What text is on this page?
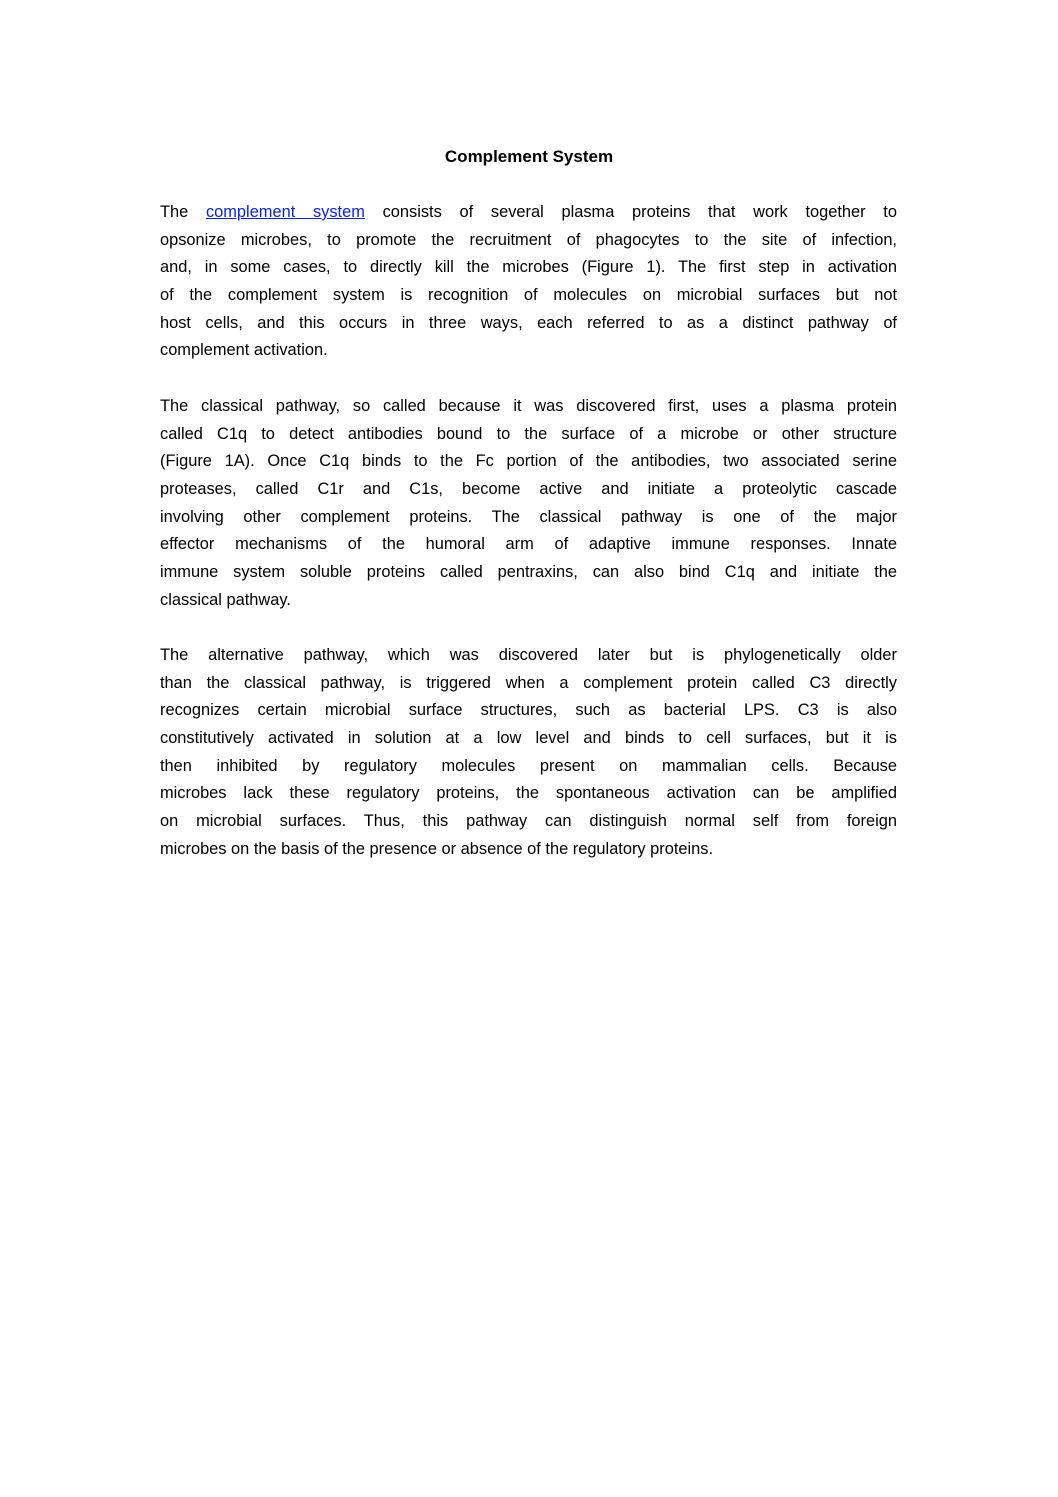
Complement System
The complement system consists of several plasma proteins that work together to
opsonize microbes, to promote the recruitment of phagocytes to the site of infection,
and, in some cases, to directly kill the microbes (Figure 1). The first step in activation
of the complement system is recognition of molecules on microbial surfaces but not
host cells, and this occurs in three ways, each referred to as a distinct pathway of
complement activation.
The classical pathway, so called because it was discovered first, uses a plasma protein
called C1q to detect antibodies bound to the surface of a microbe or other structure
(Figure 1A). Once C1q binds to the Fc portion of the antibodies, two associated serine
proteases, called C1r and C1s, become active and initiate a proteolytic cascade
involving other complement proteins. The classical pathway is one of the major
effector mechanisms of the humoral arm of adaptive immune responses. Innate
immune system soluble proteins called pentraxins, can also bind C1q and initiate the
classical pathway.
The alternative pathway, which was discovered later but is phylogenetically older
than the classical pathway, is triggered when a complement protein called C3 directly
recognizes certain microbial surface structures, such as bacterial LPS. C3 is also
constitutively activated in solution at a low level and binds to cell surfaces, but it is
then inhibited by regulatory molecules present on mammalian cells. Because
microbes lack these regulatory proteins, the spontaneous activation can be amplified
on microbial surfaces. Thus, this pathway can distinguish normal self from foreign
microbes on the basis of the presence or absence of the regulatory proteins.
